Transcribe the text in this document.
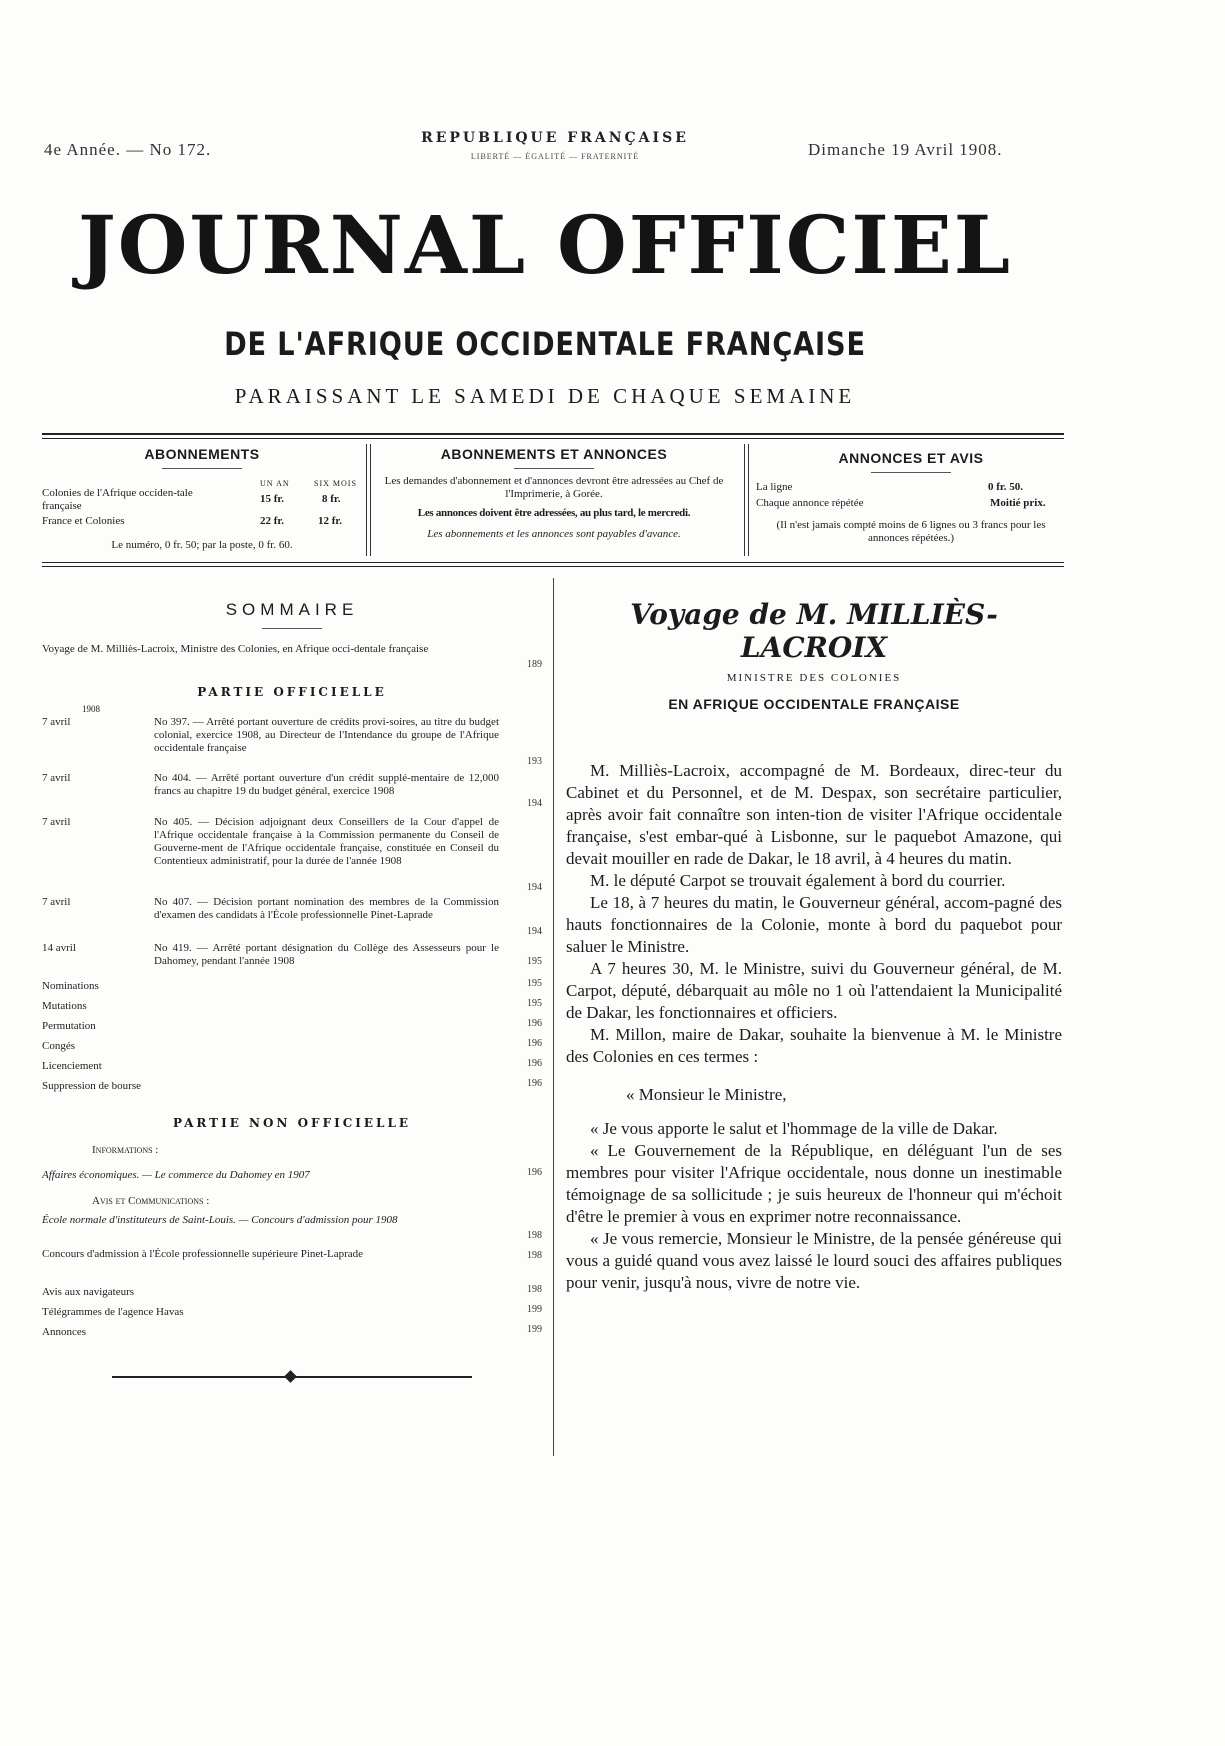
4e Année. — No 172.
REPUBLIQUE FRANÇAISE
LIBERTÉ — ÉGALITÉ — FRATERNITÉ	Dimanche 19 Avril 1908.
JOURNAL OFFICIEL
DE L'AFRIQUE OCCIDENTALE FRANÇAISE
PARAISSANT LE SAMEDI DE CHAQUE SEMAINE
ABONNEMENTS
UN AN	SIX MOIS
Colonies de l'Afrique occiden-tale française
15 fr.	8 fr.
France et Colonies	22 fr.	12 fr.
Le numéro, 0 fr. 50; par la poste, 0 fr. 60.
ABONNEMENTS ET ANNONCES
Les demandes d'abonnement et d'annonces devront être adressées au Chef de l'Imprimerie, à Gorée.
Les annonces doivent être adressées, au plus tard, le mercredi.
Les abonnements et les annonces sont payables d'avance.
ANNONCES ET AVIS
La ligne	0 fr. 50.
Chaque annonce répétée	Moitié prix.
(Il n'est jamais compté moins de 6 lignes ou 3 francs pour les annonces répétées.)
SOMMAIRE
Voyage de M. Milliès-Lacroix, Ministre des Colonies, en Afrique occi-dentale française
189
PARTIE OFFICIELLE
1908
7 avril	No 397. — Arrêté portant ouverture de crédits provi-soires, au titre du budget colonial, exercice 1908, au Directeur de l'Intendance du groupe de l'Afrique occidentale française
193
7 avril	No 404. — Arrêté portant ouverture d'un crédit supplé-mentaire de 12,000 francs au chapitre 19 du budget général, exercice 1908
194
7 avril	No 405. — Décision adjoignant deux Conseillers de la Cour d'appel de l'Afrique occidentale française à la Commission permanente du Conseil de Gouverne-ment de l'Afrique occidentale française, constituée en Conseil du Contentieux administratif, pour la durée de l'année 1908
194
7 avril	No 407. — Décision portant nomination des membres de la Commission d'examen des candidats à l'École professionnelle Pinet-Laprade
194
14 avril	No 419. — Arrêté portant désignation du Collège des Assesseurs pour le Dahomey, pendant l'année 1908	195
Nominations	195
Mutations	195
Permutation	196
Congés	196
Licenciement	196
Suppression de bourse	196
PARTIE NON OFFICIELLE
Informations :
Affaires économiques. — Le commerce du Dahomey en 1907	196
Avis et Communications :
École normale d'instituteurs de Saint-Louis. — Concours d'admission pour 1908
198
Concours d'admission à l'École professionnelle supérieure Pinet-Laprade	198
Avis aux navigateurs	198
Télégrammes de l'agence Havas	199
Annonces	199
Voyage de M. MILLIÈS-LACROIX
MINISTRE DES COLONIES
EN AFRIQUE OCCIDENTALE FRANÇAISE

M. Milliès-Lacroix, accompagné de M. Bordeaux, direc-teur du Cabinet et du Personnel, et de M. Despax, son secrétaire particulier, après avoir fait connaître son inten-tion de visiter l'Afrique occidentale française, s'est embar-qué à Lisbonne, sur le paquebot Amazone, qui devait mouiller en rade de Dakar, le 18 avril, à 4 heures du matin.

M. le député Carpot se trouvait également à bord du courrier.

Le 18, à 7 heures du matin, le Gouverneur général, accom-pagné des hauts fonctionnaires de la Colonie, monte à bord du paquebot pour saluer le Ministre.

A 7 heures 30, M. le Ministre, suivi du Gouverneur général, de M. Carpot, député, débarquait au môle no 1 où l'attendaient la Municipalité de Dakar, les fonctionnaires et officiers.

M. Millon, maire de Dakar, souhaite la bienvenue à M. le Ministre des Colonies en ces termes :

« Monsieur le Ministre,

« Je vous apporte le salut et l'hommage de la ville de Dakar.

« Le Gouvernement de la République, en déléguant l'un de ses membres pour visiter l'Afrique occidentale, nous donne un inestimable témoignage de sa sollicitude ; je suis heureux de l'honneur qui m'échoit d'être le premier à vous en exprimer notre reconnaissance.

« Je vous remercie, Monsieur le Ministre, de la pensée généreuse qui vous a guidé quand vous avez laissé le lourd souci des affaires publiques pour venir, jusqu'à nous, vivre de notre vie.
